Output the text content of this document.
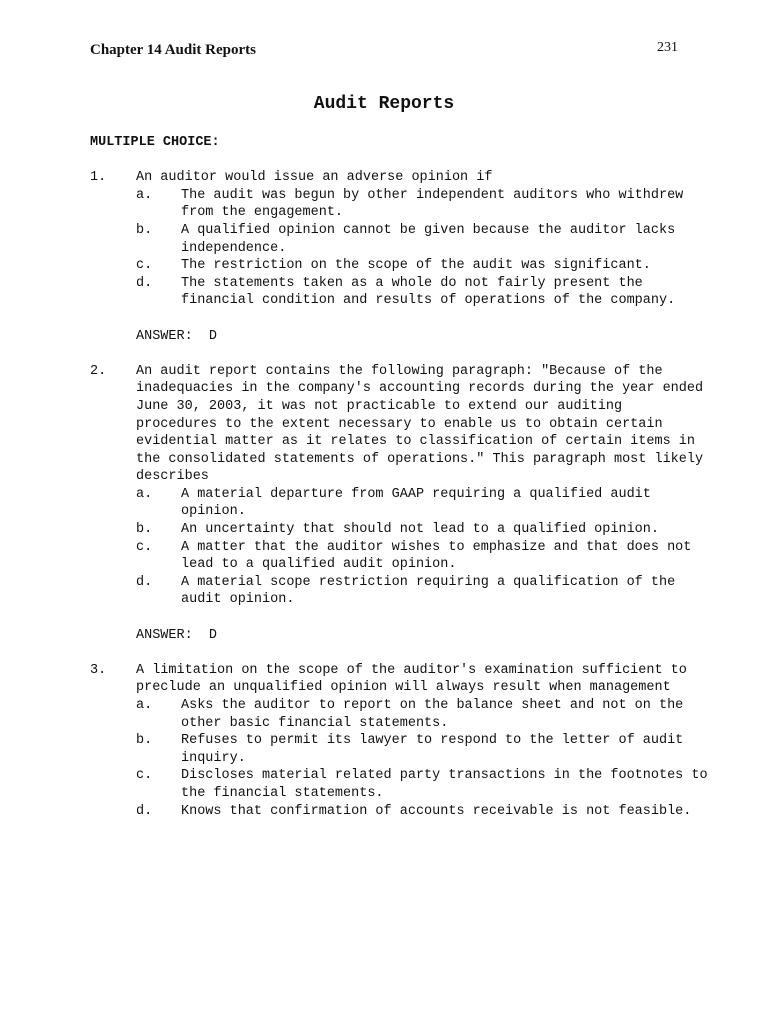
Chapter 14 Audit Reports	231
Audit Reports
MULTIPLE CHOICE:
1.	An auditor would issue an adverse opinion if
a.	The audit was begun by other independent auditors who withdrew from the engagement.
b.	A qualified opinion cannot be given because the auditor lacks independence.
c.	The restriction on the scope of the audit was significant.
d.	The statements taken as a whole do not fairly present the financial condition and results of operations of the company.
ANSWER: D
2.	An audit report contains the following paragraph: "Because of the inadequacies in the company's accounting records during the year ended June 30, 2003, it was not practicable to extend our auditing procedures to the extent necessary to enable us to obtain certain evidential matter as it relates to classification of certain items in the consolidated statements of operations." This paragraph most likely describes
a.	A material departure from GAAP requiring a qualified audit opinion.
b.	An uncertainty that should not lead to a qualified opinion.
c.	A matter that the auditor wishes to emphasize and that does not lead to a qualified audit opinion.
d.	A material scope restriction requiring a qualification of the audit opinion.
ANSWER: D
3.	A limitation on the scope of the auditor's examination sufficient to preclude an unqualified opinion will always result when management
a.	Asks the auditor to report on the balance sheet and not on the other basic financial statements.
b.	Refuses to permit its lawyer to respond to the letter of audit inquiry.
c.	Discloses material related party transactions in the footnotes to the financial statements.
d.	Knows that confirmation of accounts receivable is not feasible.
